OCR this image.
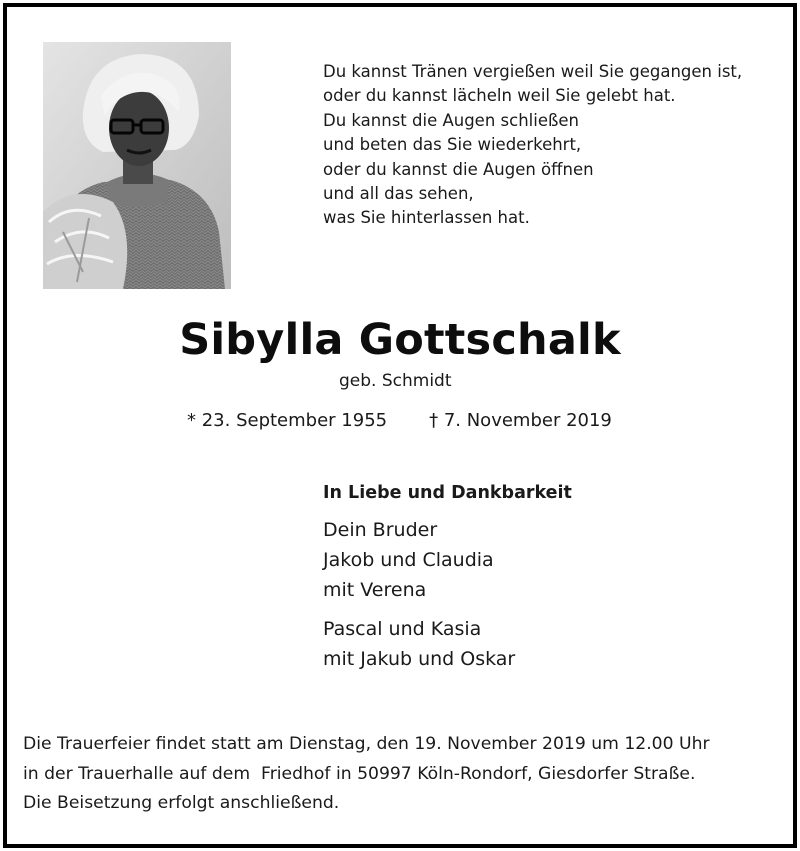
Du kannst Tränen vergießen weil Sie gegangen ist,
oder du kannst lächeln weil Sie gelebt hat.
Du kannst die Augen schließen
und beten das Sie wiederkehrt,
oder du kannst die Augen öffnen
und all das sehen,
was Sie hinterlassen hat.
Sibylla Gottschalk
geb. Schmidt
* 23. September 1955 † 7. November 2019
In Liebe und Dankbarkeit
Dein Bruder
Jakob und Claudia
mit Verena
Pascal und Kasia
mit Jakub und Oskar
Die Trauerfeier findet statt am Dienstag, den 19. November 2019 um 12.00 Uhr
in der Trauerhalle auf dem  Friedhof in 50997 Köln-Rondorf, Giesdorfer Straße.
Die Beisetzung erfolgt anschließend.
